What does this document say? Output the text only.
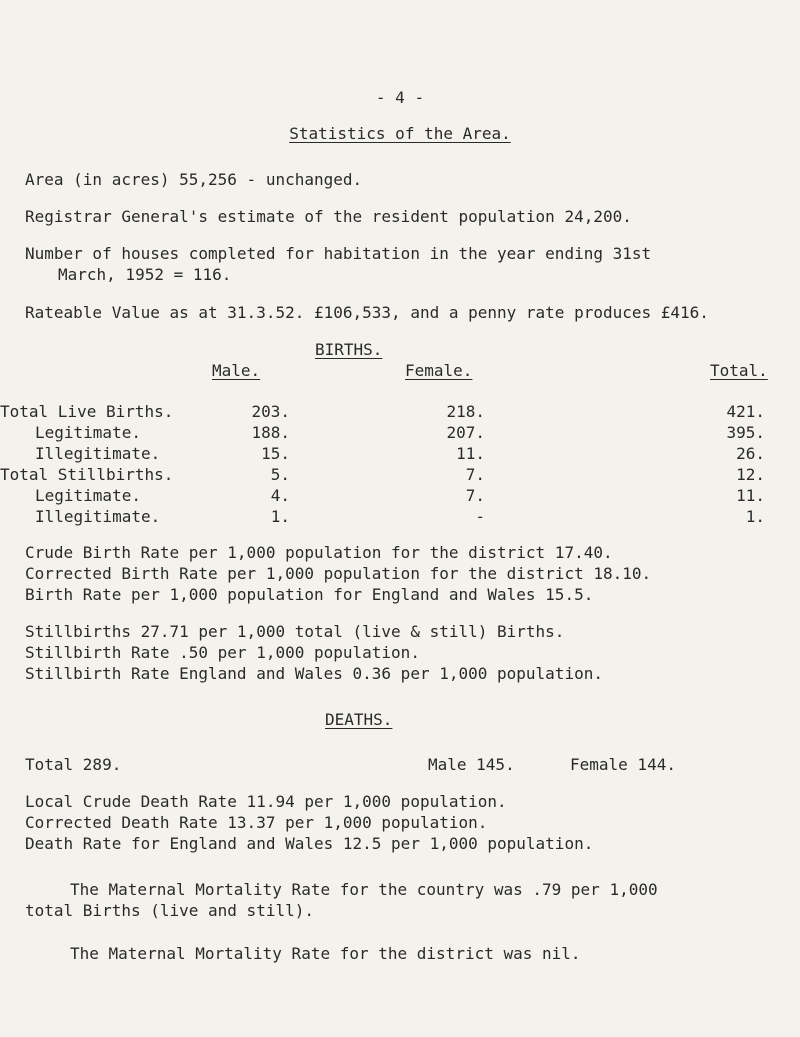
- 4 -
Statistics of the Area.
Area (in acres) 55,256 - unchanged.
Registrar General's estimate of the resident population 24,200.
Number of houses completed for habitation in the year ending 31st
March, 1952 = 116.
Rateable Value as at 31.3.52. £106,533, and a penny rate produces £416.
BIRTHS.
Male.	Female.	Total.
Total Live Births.	203.	218.	421.
Legitimate.	188.	207.	395.
Illegitimate.	15.	11.	26.
Total Stillbirths.	5.	7.	12.
Legitimate.	4.	7.	11.
Illegitimate.	1.	-	1.
Crude Birth Rate per 1,000 population for the district 17.40.
Corrected Birth Rate per 1,000 population for the district 18.10.
Birth Rate per 1,000 population for England and Wales 15.5.
Stillbirths 27.71 per 1,000 total (live & still) Births.
Stillbirth Rate .50 per 1,000 population.
Stillbirth Rate England and Wales 0.36 per 1,000 population.
DEATHS.
Total 289.	Male 145.	Female 144.
Local Crude Death Rate 11.94 per 1,000 population.
Corrected Death Rate 13.37 per 1,000 population.
Death Rate for England and Wales 12.5 per 1,000 population.
The Maternal Mortality Rate for the country was .79 per 1,000
total Births (live and still).
The Maternal Mortality Rate for the district was nil.
